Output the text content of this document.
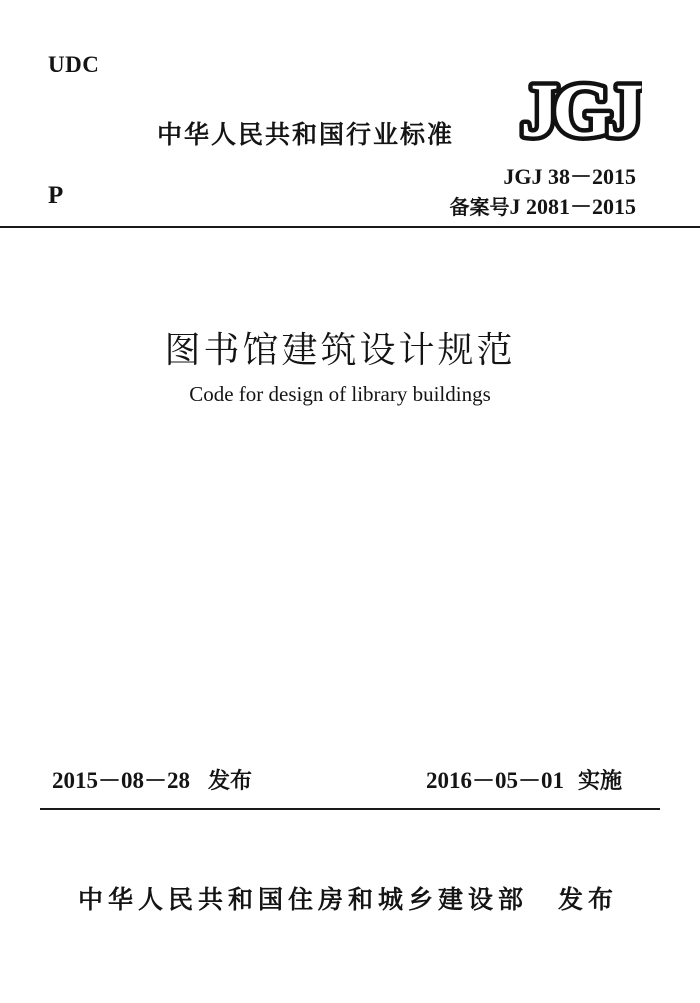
UDC
中华人民共和国行业标准 JGJ
JGJ 38－2015
P	备案号J 2081－2015
图书馆建筑设计规范
Code for design of library buildings
2015－08－28 发布	2016－05－01 实施
中华人民共和国住房和城乡建设部 发布
